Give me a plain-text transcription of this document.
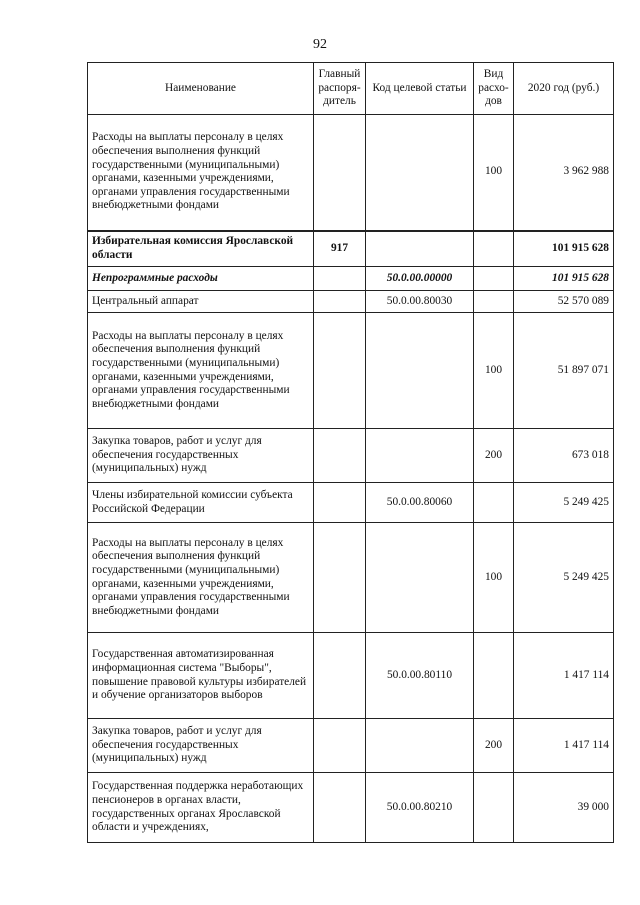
92
Наименование	Главный распоря- дитель	Код целевой статьи	Вид расхо- дов	2020 год (руб.)
Расходы на выплаты персоналу в целях обеспечения выполнения функций государственными (муниципальными) органами, казенными учреждениями, органами управления государственными внебюджетными фондами			100	3 962 988
Избирательная комиссия Ярославской области	917			101 915 628
Непрограммные расходы		50.0.00.00000		101 915 628
Центральный аппарат		50.0.00.80030		52 570 089
Расходы на выплаты персоналу в целях обеспечения выполнения функций государственными (муниципальными) органами, казенными учреждениями, органами управления государственными внебюджетными фондами			100	51 897 071
Закупка товаров, работ и услуг для обеспечения государственных (муниципальных) нужд			200	673 018
Члены избирательной комиссии субъекта Российской Федерации		50.0.00.80060		5 249 425
Расходы на выплаты персоналу в целях обеспечения выполнения функций государственными (муниципальными) органами, казенными учреждениями, органами управления государственными внебюджетными фондами			100	5 249 425
Государственная автоматизированная информационная система "Выборы", повышение правовой культуры избирателей и обучение организаторов выборов		50.0.00.80110		1 417 114
Закупка товаров, работ и услуг для обеспечения государственных (муниципальных) нужд			200	1 417 114
Государственная поддержка неработающих пенсионеров в органах власти, государственных органах Ярославской области и учреждениях,		50.0.00.80210		39 000
